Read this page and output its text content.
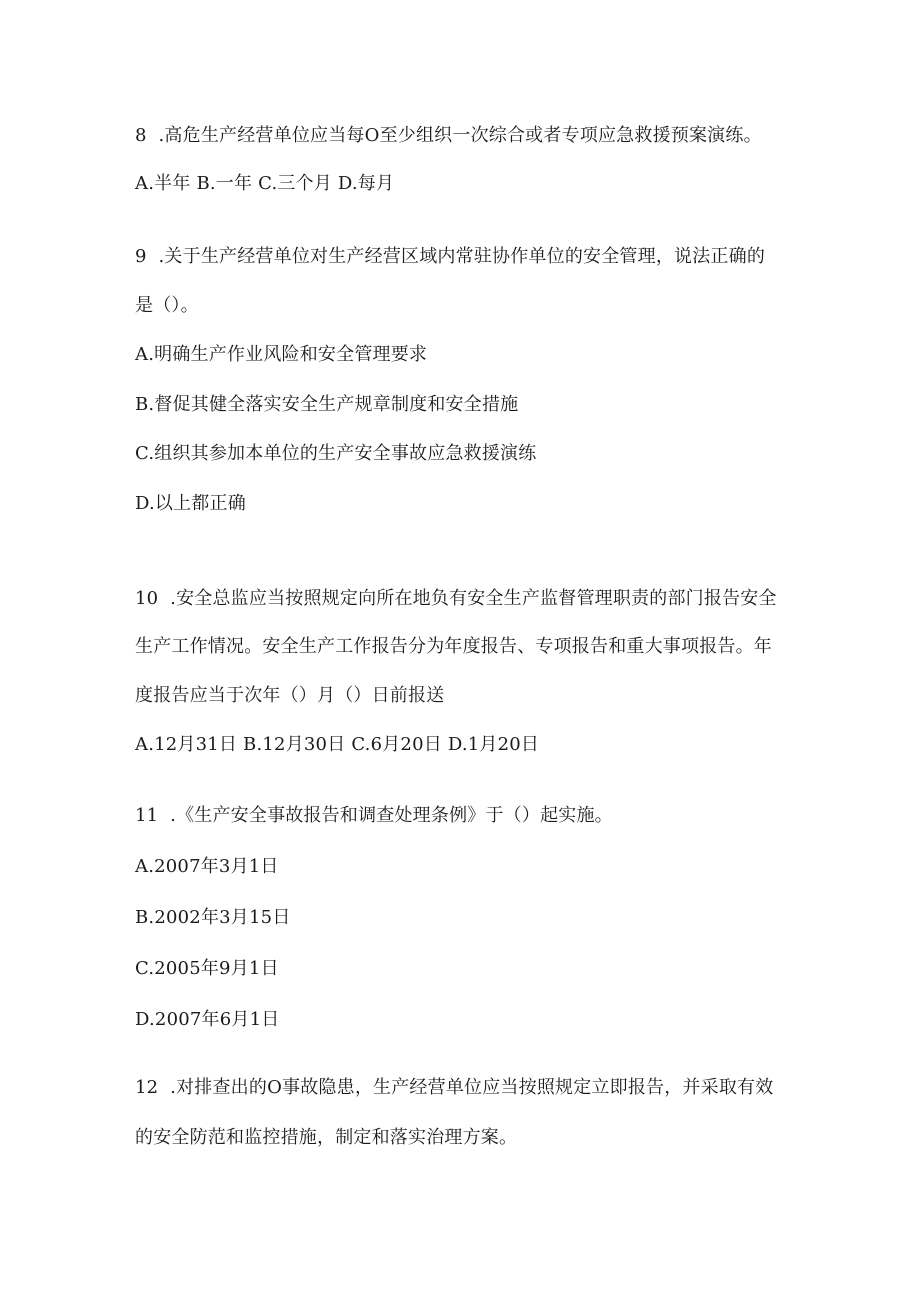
8  .高危生产经营单位应当每O至少组织一次综合或者专项应急救援预案演练。
A.半年 B.一年 C.三个月 D.每月
9  .关于生产经营单位对生产经营区域内常驻协作单位的安全管理，说法正确的
是（）。
A.明确生产作业风险和安全管理要求
B.督促其健全落实安全生产规章制度和安全措施
C.组织其参加本单位的生产安全事故应急救援演练
D.以上都正确
10  .安全总监应当按照规定向所在地负有安全生产监督管理职责的部门报告安全
生产工作情况。安全生产工作报告分为年度报告、专项报告和重大事项报告。年
度报告应当于次年（）月（）日前报送
A.12月31日 B.12月30日 C.6月20日 D.1月20日
11  .《生产安全事故报告和调查处理条例》于（）起实施。
A.2007年3月1日
B.2002年3月15日
C.2005年9月1日
D.2007年6月1日
12  .对排查出的O事故隐患，生产经营单位应当按照规定立即报告，并采取有效
的安全防范和监控措施，制定和落实治理方案。
